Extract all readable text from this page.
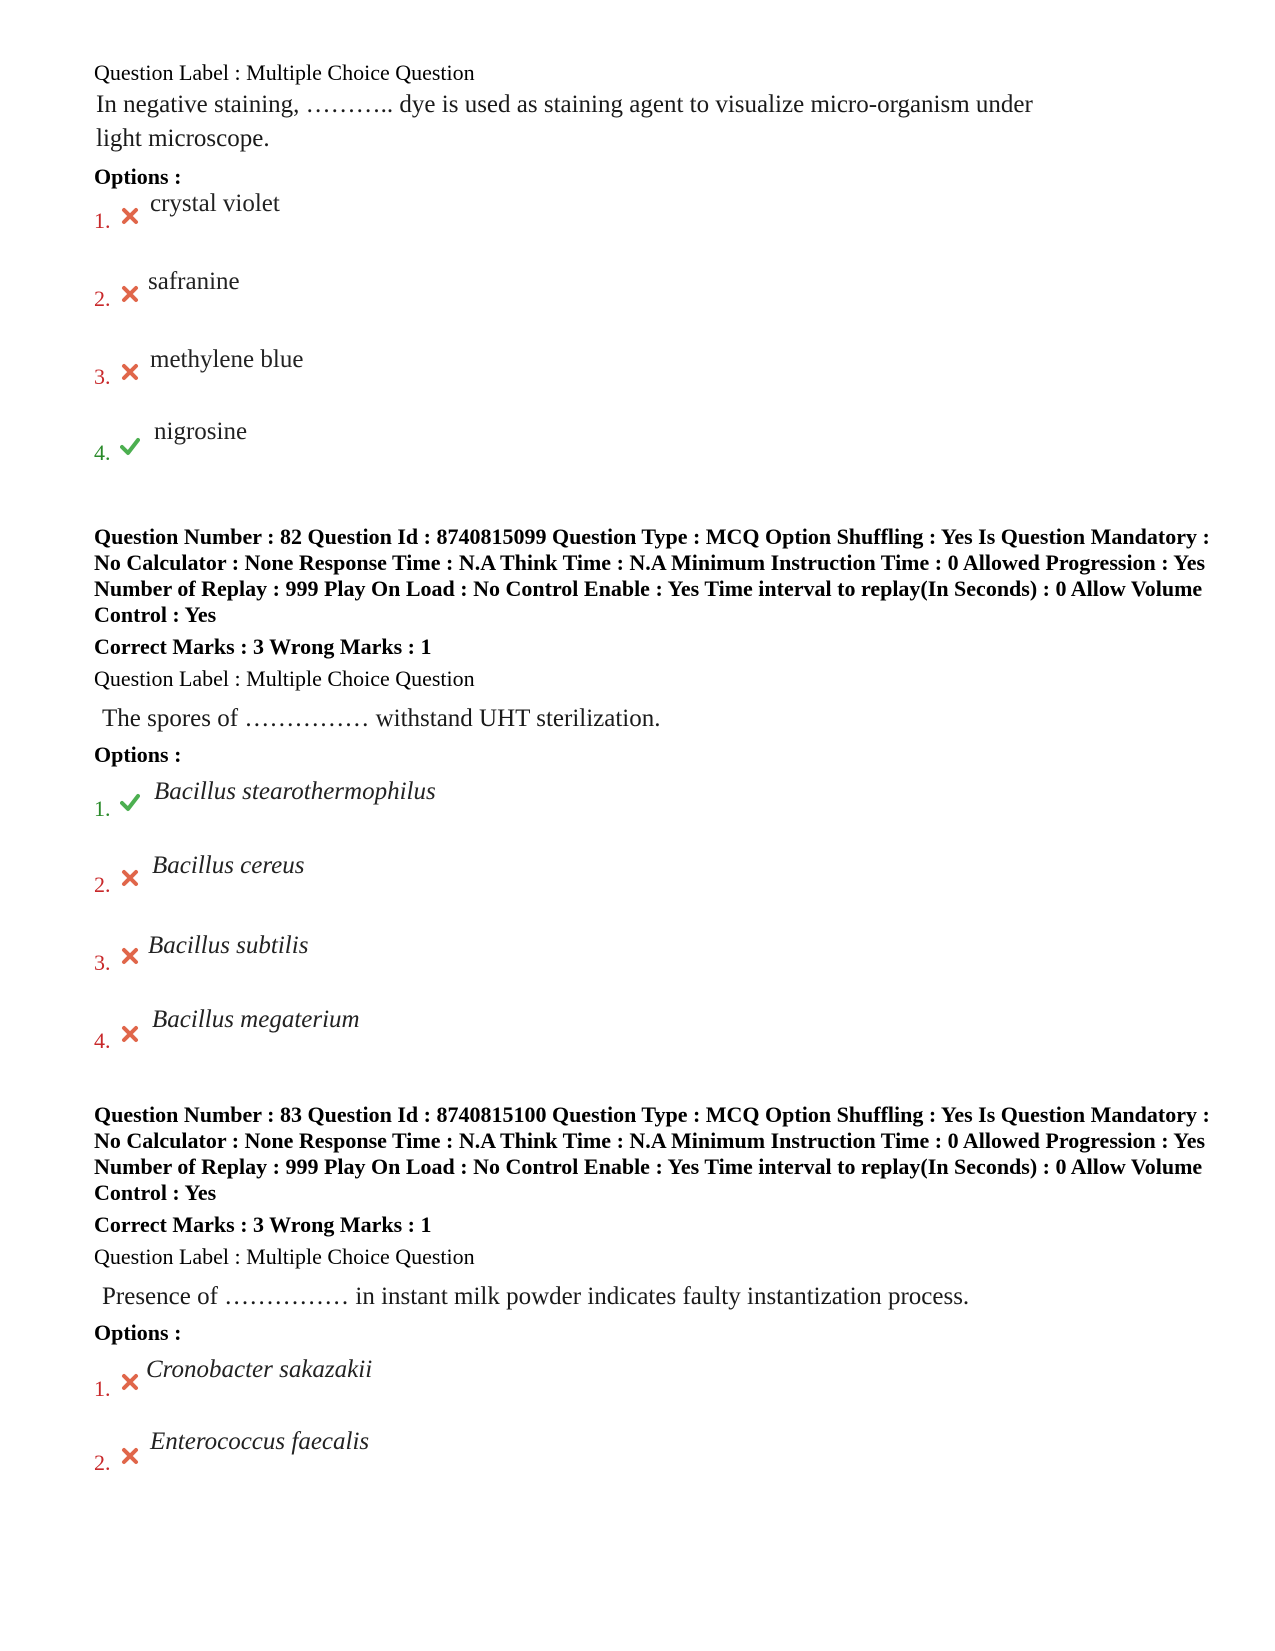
Question Label : Multiple Choice Question

In negative staining, ……….. dye is used as staining agent to visualize micro-organism under light microscope.

Options :

1.
crystal violet
2.
safranine
3.
methylene blue
4.
nigrosine

Question Number : 82 Question Id : 8740815099 Question Type : MCQ Option Shuffling : Yes Is Question Mandatory : No Calculator : None Response Time : N.A Think Time : N.A Minimum Instruction Time : 0 Allowed Progression : Yes Number of Replay : 999 Play On Load : No Control Enable : Yes Time interval to replay(In Seconds) : 0 Allow Volume Control : Yes

Correct Marks : 3 Wrong Marks : 1

Question Label : Multiple Choice Question

The spores of …………… withstand UHT sterilization.

Options :

1.
Bacillus stearothermophilus
2.
Bacillus cereus
3.
Bacillus subtilis
4.
Bacillus megaterium

Question Number : 83 Question Id : 8740815100 Question Type : MCQ Option Shuffling : Yes Is Question Mandatory : No Calculator : None Response Time : N.A Think Time : N.A Minimum Instruction Time : 0 Allowed Progression : Yes Number of Replay : 999 Play On Load : No Control Enable : Yes Time interval to replay(In Seconds) : 0 Allow Volume Control : Yes

Correct Marks : 3 Wrong Marks : 1

Question Label : Multiple Choice Question

Presence of …………… in instant milk powder indicates faulty instantization process.

Options :

1.
Cronobacter sakazakii
2.
Enterococcus faecalis
